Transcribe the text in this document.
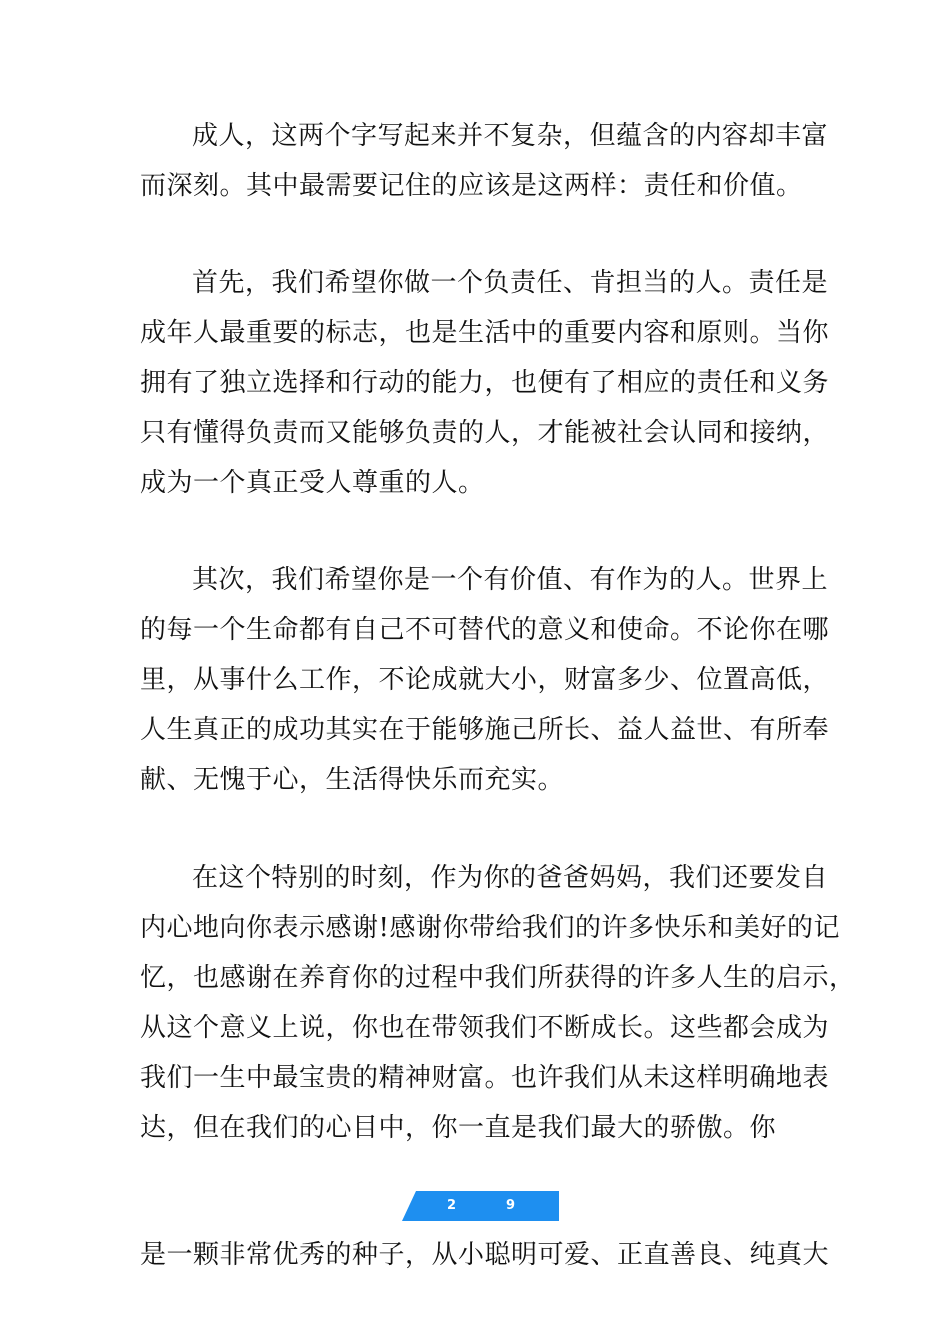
成人，这两个字写起来并不复杂，但蕴含的内容却丰富
而深刻。其中最需要记住的应该是这两样：责任和价值。
首先，我们希望你做一个负责任、肯担当的人。责任是
成年人最重要的标志，也是生活中的重要内容和原则。当你
拥有了独立选择和行动的能力，也便有了相应的责任和义务
只有懂得负责而又能够负责的人，才能被社会认同和接纳，
成为一个真正受人尊重的人。
其次，我们希望你是一个有价值、有作为的人。世界上
的每一个生命都有自己不可替代的意义和使命。不论你在哪
里，从事什么工作，不论成就大小，财富多少、位置高低，
人生真正的成功其实在于能够施己所长、益人益世、有所奉
献、无愧于心，生活得快乐而充实。
在这个特别的时刻，作为你的爸爸妈妈，我们还要发自
内心地向你表示感谢!感谢你带给我们的许多快乐和美好的记
忆，也感谢在养育你的过程中我们所获得的许多人生的启示，
从这个意义上说，你也在带领我们不断成长。这些都会成为
我们一生中最宝贵的精神财富。也许我们从未这样明确地表
达，但在我们的心目中，你一直是我们最大的骄傲。你
2	9
是一颗非常优秀的种子，从小聪明可爱、正直善良、纯真大
